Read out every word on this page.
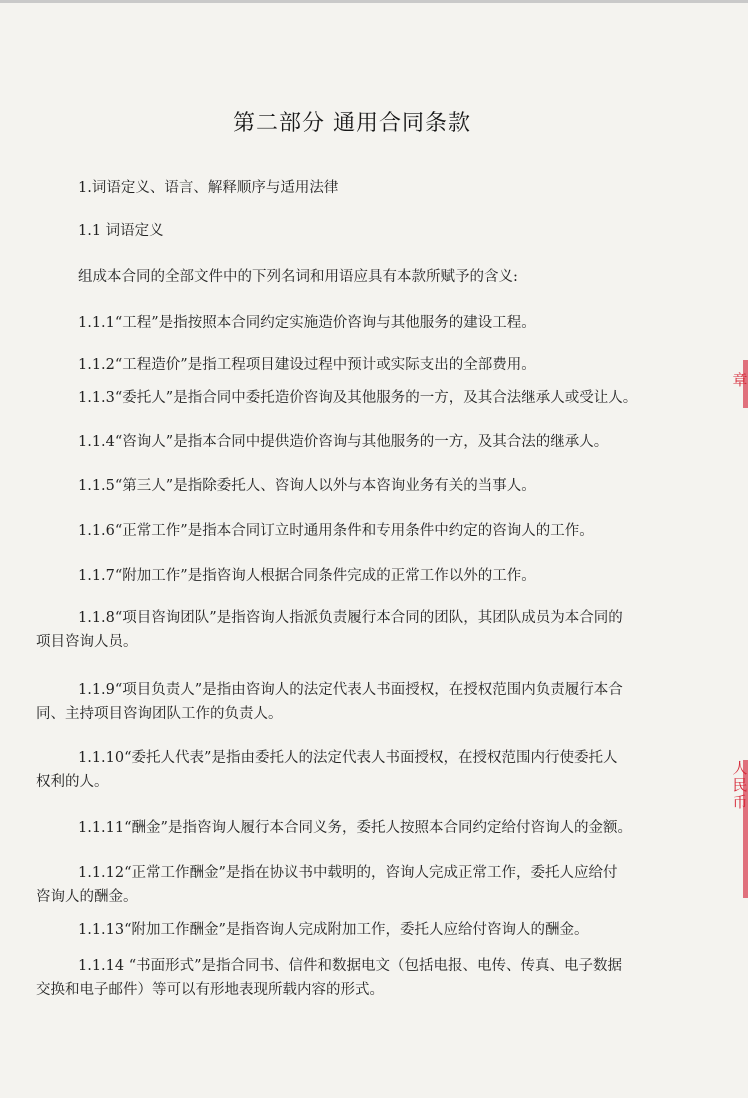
第二部分 通用合同条款
1.词语定义、语言、解释顺序与适用法律
1.1 词语定义
组成本合同的全部文件中的下列名词和用语应具有本款所赋予的含义:
1.1.1“工程”是指按照本合同约定实施造价咨询与其他服务的建设工程。
1.1.2“工程造价”是指工程项目建设过程中预计或实际支出的全部费用。
1.1.3“委托人”是指合同中委托造价咨询及其他服务的一方，及其合法继承人或受让人。
1.1.4“咨询人”是指本合同中提供造价咨询与其他服务的一方，及其合法的继承人。
1.1.5“第三人”是指除委托人、咨询人以外与本咨询业务有关的当事人。
1.1.6“正常工作”是指本合同订立时通用条件和专用条件中约定的咨询人的工作。
1.1.7“附加工作”是指咨询人根据合同条件完成的正常工作以外的工作。
1.1.8“项目咨询团队”是指咨询人指派负责履行本合同的团队，其团队成员为本合同的
项目咨询人员。
1.1.9“项目负责人”是指由咨询人的法定代表人书面授权，在授权范围内负责履行本合
同、主持项目咨询团队工作的负责人。
1.1.10“委托人代表”是指由委托人的法定代表人书面授权，在授权范围内行使委托人
权利的人。
1.1.11“酬金”是指咨询人履行本合同义务，委托人按照本合同约定给付咨询人的金额。
1.1.12“正常工作酬金”是指在协议书中载明的，咨询人完成正常工作，委托人应给付
咨询人的酬金。
1.1.13“附加工作酬金”是指咨询人完成附加工作，委托人应给付咨询人的酬金。
1.1.14 “书面形式”是指合同书、信件和数据电文（包括电报、电传、传真、电子数据
交换和电子邮件）等可以有形地表现所载内容的形式。
章
人民币
